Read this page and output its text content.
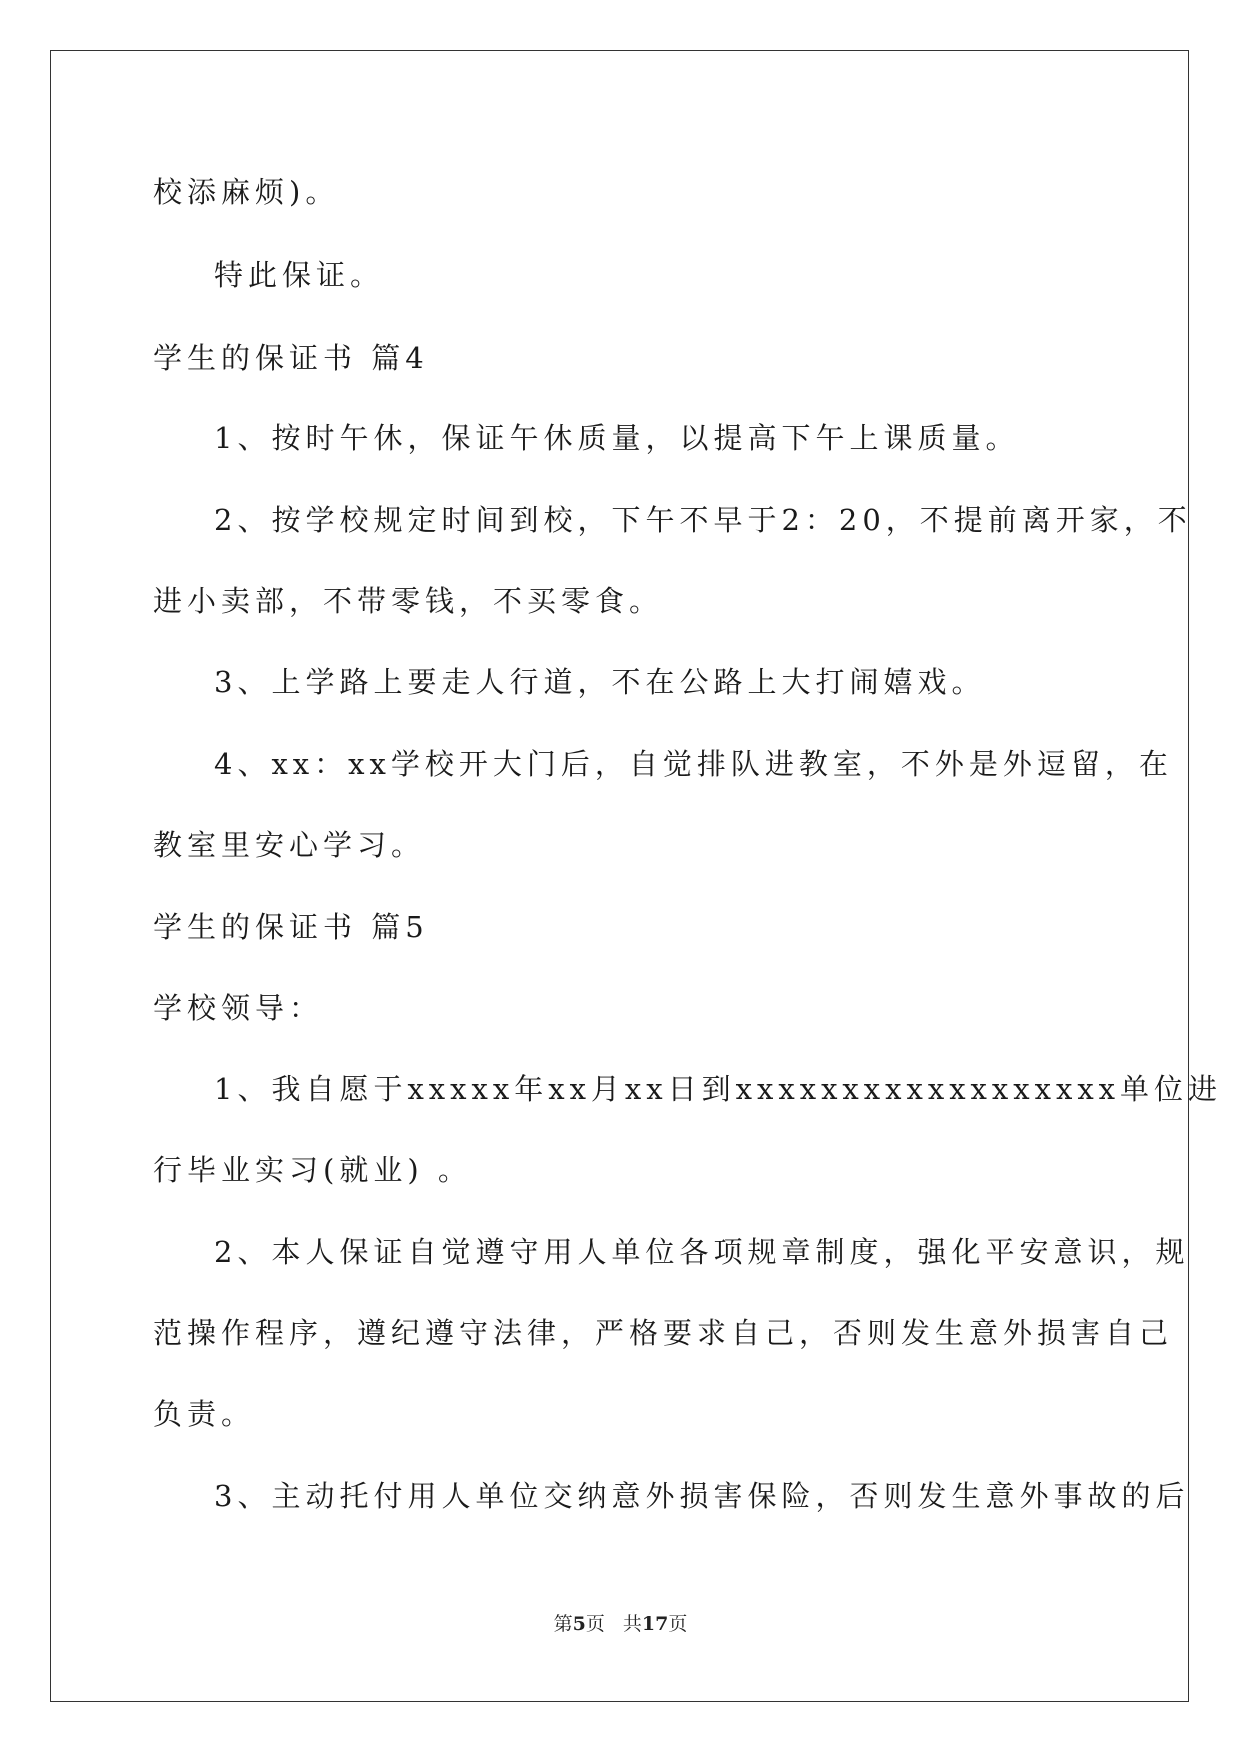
校添麻烦)。
特此保证。
学生的保证书 篇4
1、按时午休，保证午休质量，以提高下午上课质量。
2、按学校规定时间到校，下午不早于2：20，不提前离开家，不
进小卖部，不带零钱，不买零食。
3、上学路上要走人行道，不在公路上大打闹嬉戏。
4、xx：xx学校开大门后，自觉排队进教室，不外是外逗留，在
教室里安心学习。
学生的保证书 篇5
学校领导：
1、我自愿于xxxxx年xx月xx日到xxxxxxxxxxxxxxxxxx单位进
行毕业实习(就业) 。
2、本人保证自觉遵守用人单位各项规章制度，强化平安意识，规
范操作程序，遵纪遵守法律，严格要求自己，否则发生意外损害自己
负责。
3、主动托付用人单位交纳意外损害保险，否则发生意外事故的后
第5页 共17页
